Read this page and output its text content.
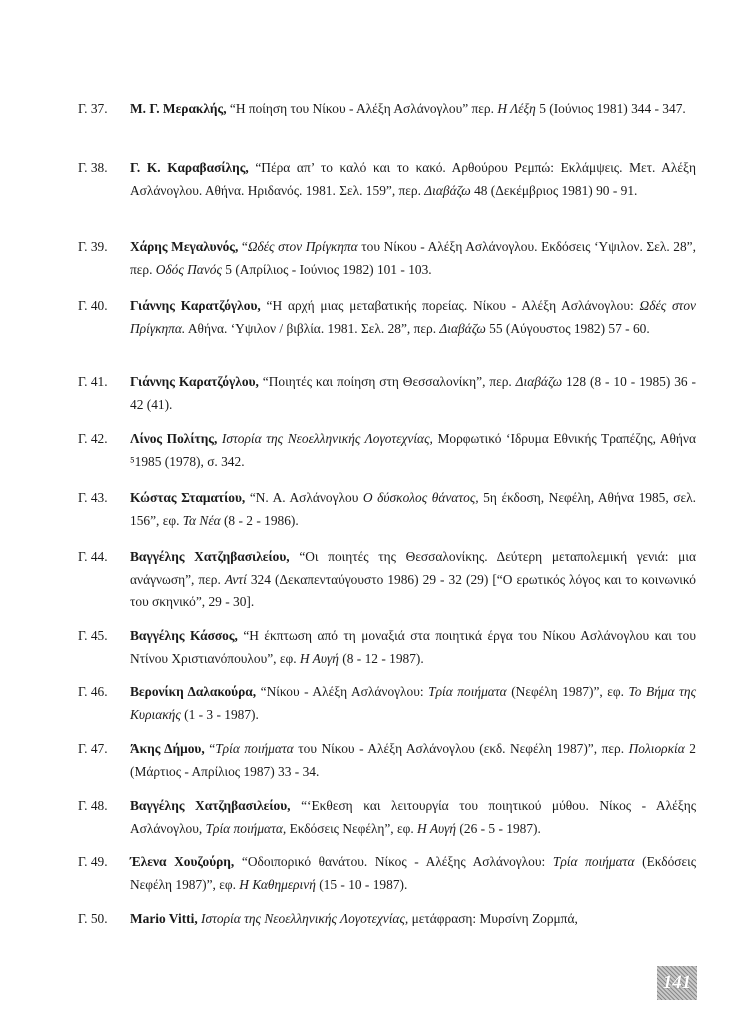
Γ. 37.	Μ. Γ. Μερακλής, “Η ποίηση του Νίκου - Αλέξη Ασλάνογλου” περ. Η Λέξη 5 (Ιούνιος 1981) 344 - 347.
Γ. 38.	Γ. Κ. Καραβασίλης, “Πέρα απ’ το καλό και το κακό. Αρθούρου Ρεμπώ: Εκλάμψεις. Μετ. Αλέξη Ασλάνογλου. Αθήνα. Ηριδανός. 1981. Σελ. 159”, περ. Διαβάζω 48 (Δεκέμβριος 1981) 90 - 91.
Γ. 39.	Χάρης Μεγαλυνός, “Ωδές στον Πρίγκηπα του Νίκου - Αλέξη Ασλάνογλου. Εκδόσεις ‘Υψιλον. Σελ. 28”, περ. Οδός Πανός 5 (Απρίλιος - Ιούνιος 1982) 101 - 103.
Γ. 40.	Γιάννης Καρατζόγλου, “Η αρχή μιας μεταβατικής πορείας. Νίκου - Αλέξη Ασλάνογλου: Ωδές στον Πρίγκηπα. Αθήνα. ‘Υψιλον / βιβλία. 1981. Σελ. 28”, περ. Διαβάζω 55 (Αύγουστος 1982) 57 - 60.
Γ. 41.	Γιάννης Καρατζόγλου, “Ποιητές και ποίηση στη Θεσσαλονίκη”, περ. Διαβάζω 128 (8 - 10 - 1985) 36 - 42 (41).
Γ. 42.	Λίνος Πολίτης, Ιστορία της Νεοελληνικής Λογοτεχνίας, Μορφωτικό ‘Ιδρυμα Εθνικής Τραπέζης, Αθήνα ⁵1985 (1978), σ. 342.
Γ. 43.	Κώστας Σταματίου, “Ν. Α. Ασλάνογλου Ο δύσκολος θάνατος, 5η έκδοση, Νεφέλη, Αθήνα 1985, σελ. 156”, εφ. Τα Νέα (8 - 2 - 1986).
Γ. 44.	Βαγγέλης Χατζηβασιλείου, “Οι ποιητές της Θεσσαλονίκης. Δεύτερη μεταπολεμική γενιά: μια ανάγνωση”, περ. Αντί 324 (Δεκαπενταύγουστο 1986) 29 - 32 (29) [“Ο ερωτικός λόγος και το κοινωνικό του σκηνικό”, 29 - 30].
Γ. 45.	Βαγγέλης Κάσσος, “Η έκπτωση από τη μοναξιά στα ποιητικά έργα του Νίκου Ασλάνογλου και του Ντίνου Χριστιανόπουλου”, εφ. Η Αυγή (8 - 12 - 1987).
Γ. 46.	Βερονίκη Δαλακούρα, “Νίκου - Αλέξη Ασλάνογλου: Τρία ποιήματα (Νεφέλη 1987)”, εφ. Το Βήμα της Κυριακής (1 - 3 - 1987).
Γ. 47.	Άκης Δήμου, “Τρία ποιήματα του Νίκου - Αλέξη Ασλάνογλου (εκδ. Νεφέλη 1987)”, περ. Πολιορκία 2 (Μάρτιος - Απρίλιος 1987) 33 - 34.
Γ. 48.	Βαγγέλης Χατζηβασιλείου, “‘Εκθεση και λειτουργία του ποιητικού μύθου. Νίκος - Αλέξης Ασλάνογλου, Τρία ποιήματα, Εκδόσεις Νεφέλη”, εφ. Η Αυγή (26 - 5 - 1987).
Γ. 49.	Έλενα Χουζούρη, “Οδοιπορικό θανάτου. Νίκος - Αλέξης Ασλάνογλου: Τρία ποιήματα (Εκδόσεις Νεφέλη 1987)”, εφ. Η Καθημερινή (15 - 10 - 1987).
Γ. 50.	Mario Vitti, Ιστορία της Νεοελληνικής Λογοτεχνίας, μετάφραση: Μυρσίνη Ζορμπά,
141
